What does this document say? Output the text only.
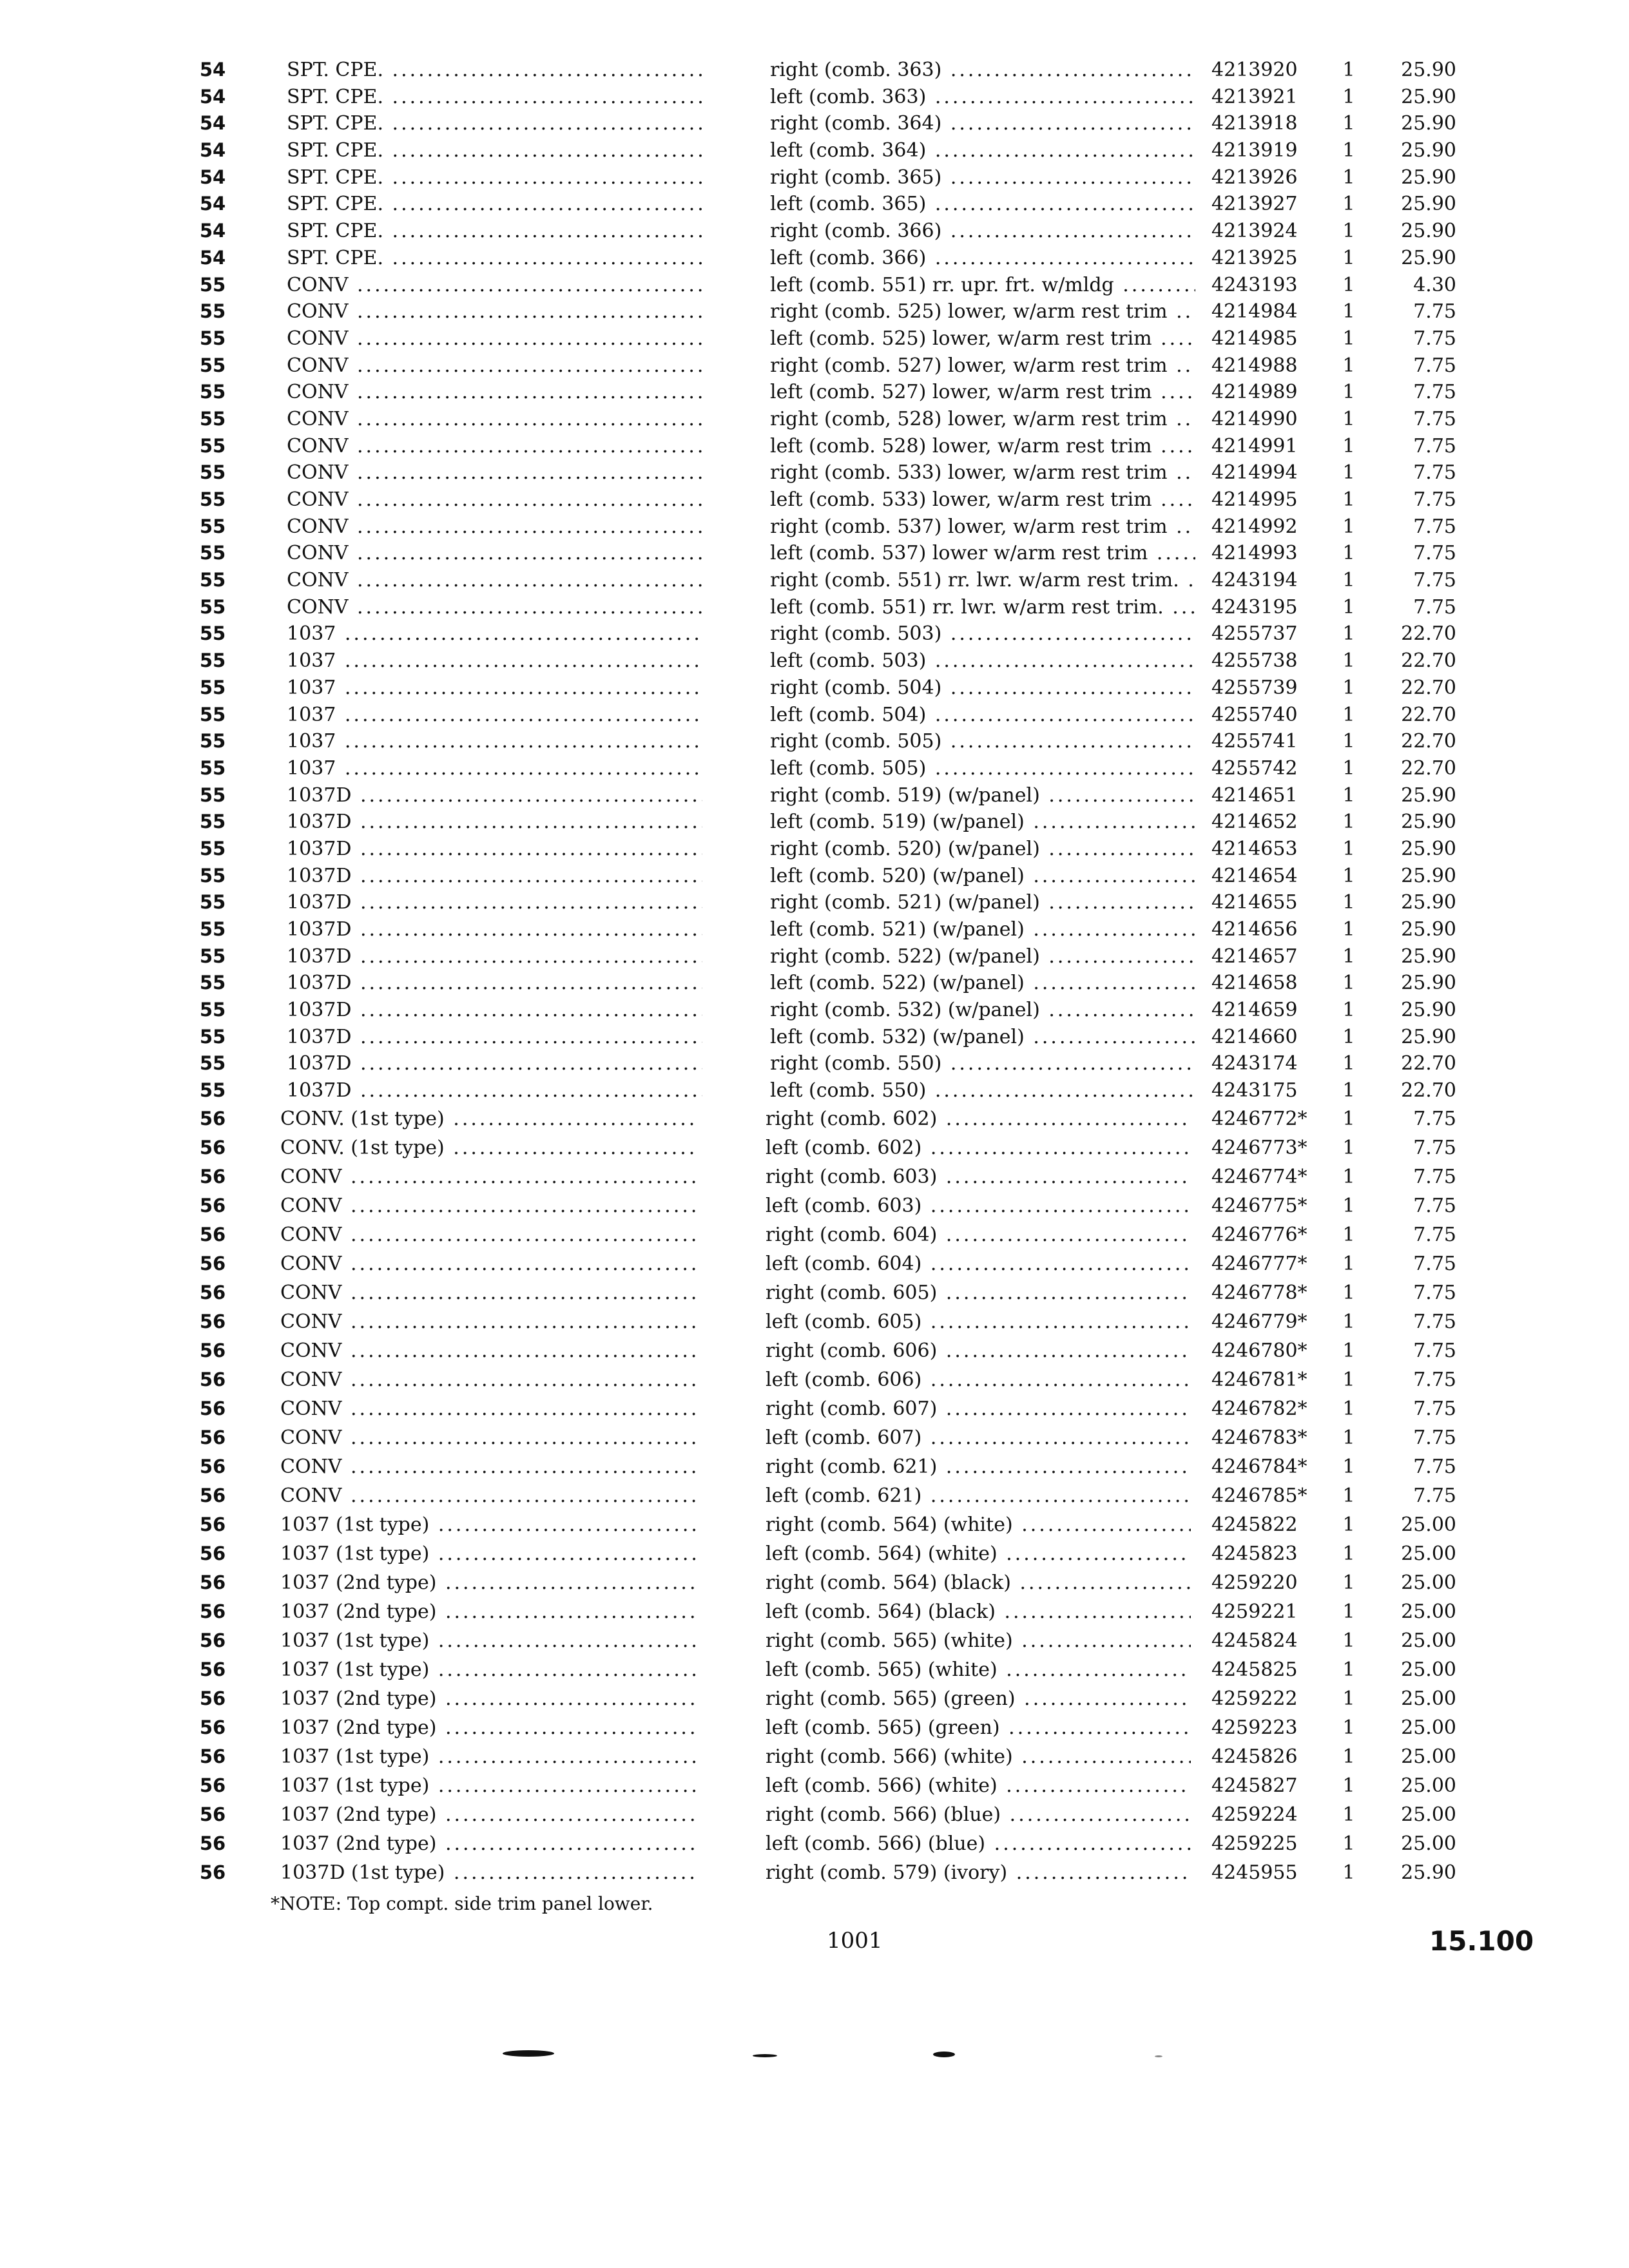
54	SPT. CPE. .....	right (comb. 363) .....	4213920	1	25.90
54	SPT. CPE. .....	left (comb. 363) .....	4213921	1	25.90
54	SPT. CPE. .....	right (comb. 364) .....	4213918	1	25.90
54	SPT. CPE. .....	left (comb. 364) .....	4213919	1	25.90
54	SPT. CPE. .....	right (comb. 365) .....	4213926	1	25.90
54	SPT. CPE. .....	left (comb. 365) .....	4213927	1	25.90
54	SPT. CPE. .....	right (comb. 366) .....	4213924	1	25.90
54	SPT. CPE. .....	left (comb. 366) .....	4213925	1	25.90
55	CONV .....	left (comb. 551) rr. upr. frt. w/mldg .....	4243193	1	4.30
55	CONV .....	right (comb. 525) lower, w/arm rest trim .....	4214984	1	7.75
55	CONV .....	left (comb. 525) lower, w/arm rest trim .....	4214985	1	7.75
55	CONV .....	right (comb. 527) lower, w/arm rest trim .....	4214988	1	7.75
55	CONV .....	left (comb. 527) lower, w/arm rest trim .....	4214989	1	7.75
55	CONV .....	right (comb, 528) lower, w/arm rest trim .....	4214990	1	7.75
55	CONV .....	left (comb. 528) lower, w/arm rest trim .....	4214991	1	7.75
55	CONV .....	right (comb. 533) lower, w/arm rest trim .....	4214994	1	7.75
55	CONV .....	left (comb. 533) lower, w/arm rest trim .....	4214995	1	7.75
55	CONV .....	right (comb. 537) lower, w/arm rest trim .....	4214992	1	7.75
55	CONV .....	left (comb. 537) lower w/arm rest trim .....	4214993	1	7.75
55	CONV .....	right (comb. 551) rr. lwr. w/arm rest trim. .....	4243194	1	7.75
55	CONV .....	left (comb. 551) rr. lwr. w/arm rest trim. .....	4243195	1	7.75
55	1037 .....	right (comb. 503) .....	4255737	1	22.70
55	1037 .....	left (comb. 503) .....	4255738	1	22.70
55	1037 .....	right (comb. 504) .....	4255739	1	22.70
55	1037 .....	left (comb. 504) .....	4255740	1	22.70
55	1037 .....	right (comb. 505) .....	4255741	1	22.70
55	1037 .....	left (comb. 505) .....	4255742	1	22.70
55	1037D .....	right (comb. 519) (w/panel) .....	4214651	1	25.90
55	1037D .....	left (comb. 519) (w/panel) .....	4214652	1	25.90
55	1037D .....	right (comb. 520) (w/panel) .....	4214653	1	25.90
55	1037D .....	left (comb. 520) (w/panel) .....	4214654	1	25.90
55	1037D .....	right (comb. 521) (w/panel) .....	4214655	1	25.90
55	1037D .....	left (comb. 521) (w/panel) .....	4214656	1	25.90
55	1037D .....	right (comb. 522) (w/panel) .....	4214657	1	25.90
55	1037D .....	left (comb. 522) (w/panel) .....	4214658	1	25.90
55	1037D .....	right (comb. 532) (w/panel) .....	4214659	1	25.90
55	1037D .....	left (comb. 532) (w/panel) .....	4214660	1	25.90
55	1037D .....	right (comb. 550) .....	4243174	1	22.70
55	1037D .....	left (comb. 550) .....	4243175	1	22.70
56	CONV. (1st type) .....	right (comb. 602) .....	4246772*	1	7.75
56	CONV. (1st type) .....	left (comb. 602) .....	4246773*	1	7.75
56	CONV .....	right (comb. 603) .....	4246774*	1	7.75
56	CONV .....	left (comb. 603) .....	4246775*	1	7.75
56	CONV .....	right (comb. 604) .....	4246776*	1	7.75
56	CONV .....	left (comb. 604) .....	4246777*	1	7.75
56	CONV .....	right (comb. 605) .....	4246778*	1	7.75
56	CONV .....	left (comb. 605) .....	4246779*	1	7.75
56	CONV .....	right (comb. 606) .....	4246780*	1	7.75
56	CONV .....	left (comb. 606) .....	4246781*	1	7.75
56	CONV .....	right (comb. 607) .....	4246782*	1	7.75
56	CONV .....	left (comb. 607) .....	4246783*	1	7.75
56	CONV .....	right (comb. 621) .....	4246784*	1	7.75
56	CONV .....	left (comb. 621) .....	4246785*	1	7.75
56	1037 (1st type) .....	right (comb. 564) (white) .....	4245822	1	25.00
56	1037 (1st type) .....	left (comb. 564) (white) .....	4245823	1	25.00
56	1037 (2nd type) .....	right (comb. 564) (black) .....	4259220	1	25.00
56	1037 (2nd type) .....	left (comb. 564) (black) .....	4259221	1	25.00
56	1037 (1st type) .....	right (comb. 565) (white) .....	4245824	1	25.00
56	1037 (1st type) .....	left (comb. 565) (white) .....	4245825	1	25.00
56	1037 (2nd type) .....	right (comb. 565) (green) .....	4259222	1	25.00
56	1037 (2nd type) .....	left (comb. 565) (green) .....	4259223	1	25.00
56	1037 (1st type) .....	right (comb. 566) (white) .....	4245826	1	25.00
56	1037 (1st type) .....	left (comb. 566) (white) .....	4245827	1	25.00
56	1037 (2nd type) .....	right (comb. 566) (blue) .....	4259224	1	25.00
56	1037 (2nd type) .....	left (comb. 566) (blue) .....	4259225	1	25.00
56	1037D (1st type) .....	right (comb. 579) (ivory) .....	4245955	1	25.90
*NOTE: Top compt. side trim panel lower.
1001	15.100
